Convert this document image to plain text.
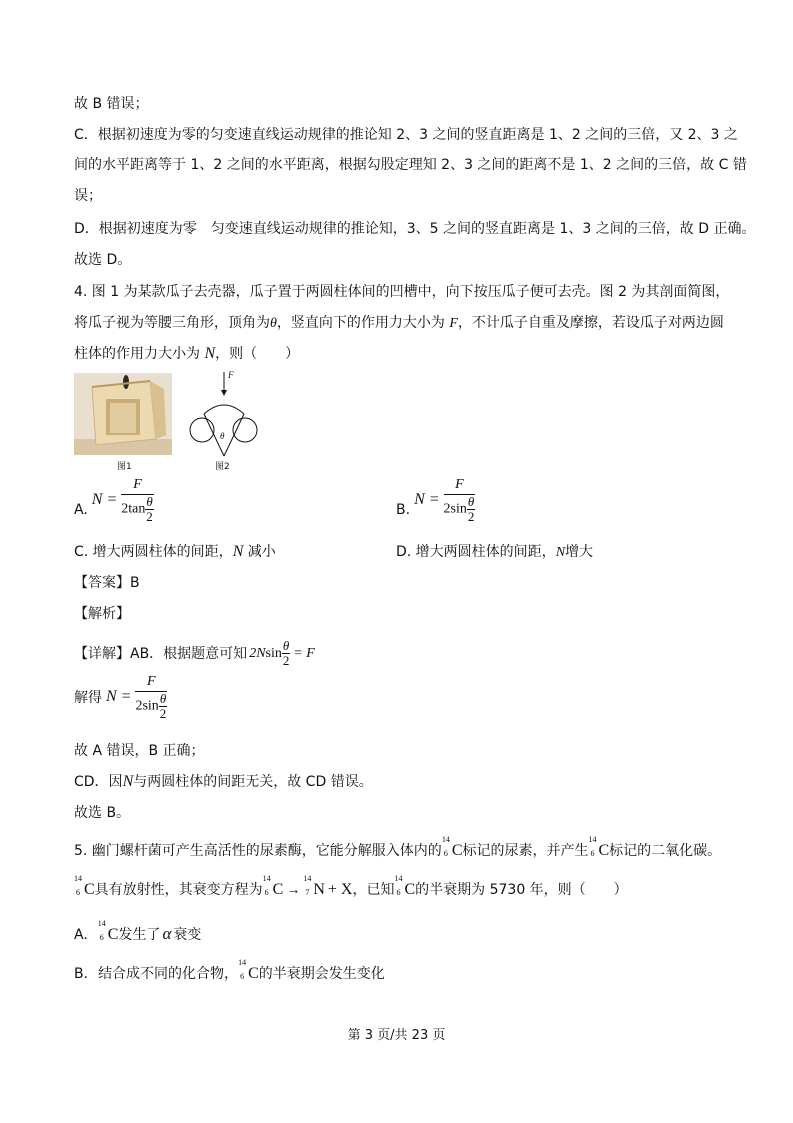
故 B 错误；
C．根据初速度为零的匀变速直线运动规律的推论知 2、3 之间的竖直距离是 1、2 之间的三倍，又 2、3 之
间的水平距离等于 1、2 之间的水平距离，根据勾股定理知 2、3 之间的距离不是 1、2 之间的三倍，故 C 错
误；
D．根据初速度为零　匀变速直线运动规律的推论知，3、5 之间的竖直距离是 1、3 之间的三倍，故 D 正确。
故选 D。
4. 图 1 为某款瓜子去壳器，瓜子置于两圆柱体间的凹槽中，向下按压瓜子便可去壳。图 2 为其剖面简图，
将瓜子视为等腰三角形，顶角为θ，竖直向下的作用力大小为 F，不计瓜子自重及摩擦，若设瓜子对两边圆
柱体的作用力大小为 N，则（　　）
图1
F
θ
图2
A.
$N = \frac{F}{2\tan \frac{\theta}{2}}$	B.
$N = \frac{F}{2\sin \frac{\theta}{2}}$
C. 增大两圆柱体的间距，N 减小	D. 增大两圆柱体的间距，N增大
【答案】B
【解析】
【详解】 AB．根据题意可知 2N $\sin \frac{\theta}{2} = F$
解得 $N = \frac{F}{2\sin \frac{\theta}{2}}$
故 A 错误，B 正确；
CD．因N与两圆柱体的间距无关，故 CD 错误。
故选 B。
5. 幽门螺杆菌可产生高活性的尿素酶，它能分解服入体内的
14
6 C标记的尿素，并产生
14
6 C标记的二氧化碳。
14
6 C具有放射性，其衰变方程为
14
6 C →
14
7 N + X，已知
14
6 C的半衰期为 5730 年，则（　　）
A.
14
6 C发生了 α 衰变
B. 结合成不同的化合物，
14
6 C的半衰期会发生变化
第 3 页/共 23 页
